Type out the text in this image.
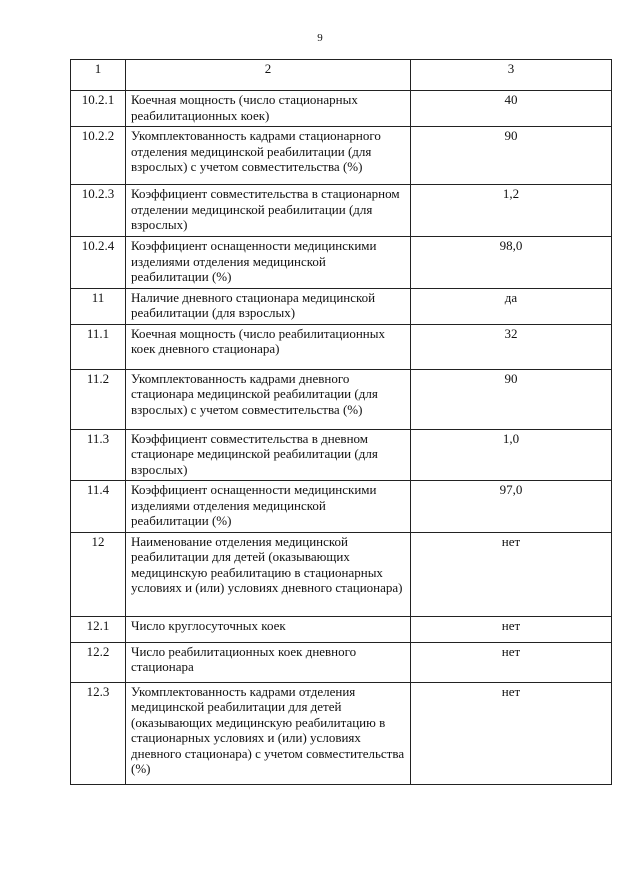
9
1	2	3
10.2.1	Коечная мощность (число стационарных реабилитационных коек)	40
10.2.2	Укомплектованность кадрами стационарного отделения медицинской реабилитации (для взрослых) с учетом совместительства (%)	90
10.2.3	Коэффициент совместительства в стационарном отделении медицинской реабилитации (для взрослых)	1,2
10.2.4	Коэффициент оснащенности медицинскими изделиями отделения медицинской реабилитации (%)	98,0
11	Наличие дневного стационара медицинской реабилитации (для взрослых)	да
11.1	Коечная мощность (число реабилитационных коек дневного стационара)	32
11.2	Укомплектованность кадрами дневного стационара медицинской реабилитации (для взрослых) с учетом совместительства (%)	90
11.3	Коэффициент совместительства в дневном стационаре медицинской реабилитации (для взрослых)	1,0
11.4	Коэффициент оснащенности медицинскими изделиями отделения медицинской реабилитации (%)	97,0
12	Наименование отделения медицинской реабилитации для детей (оказывающих медицинскую реабилитацию в стационарных условиях и (или) условиях дневного стационара)	нет
12.1	Число круглосуточных коек	нет
12.2	Число реабилитационных коек дневного стационара	нет
12.3	Укомплектованность кадрами отделения медицинской реабилитации для детей (оказывающих медицинскую реабилитацию в стационарных условиях и (или) условиях дневного стационара) с учетом совместительства (%)	нет
